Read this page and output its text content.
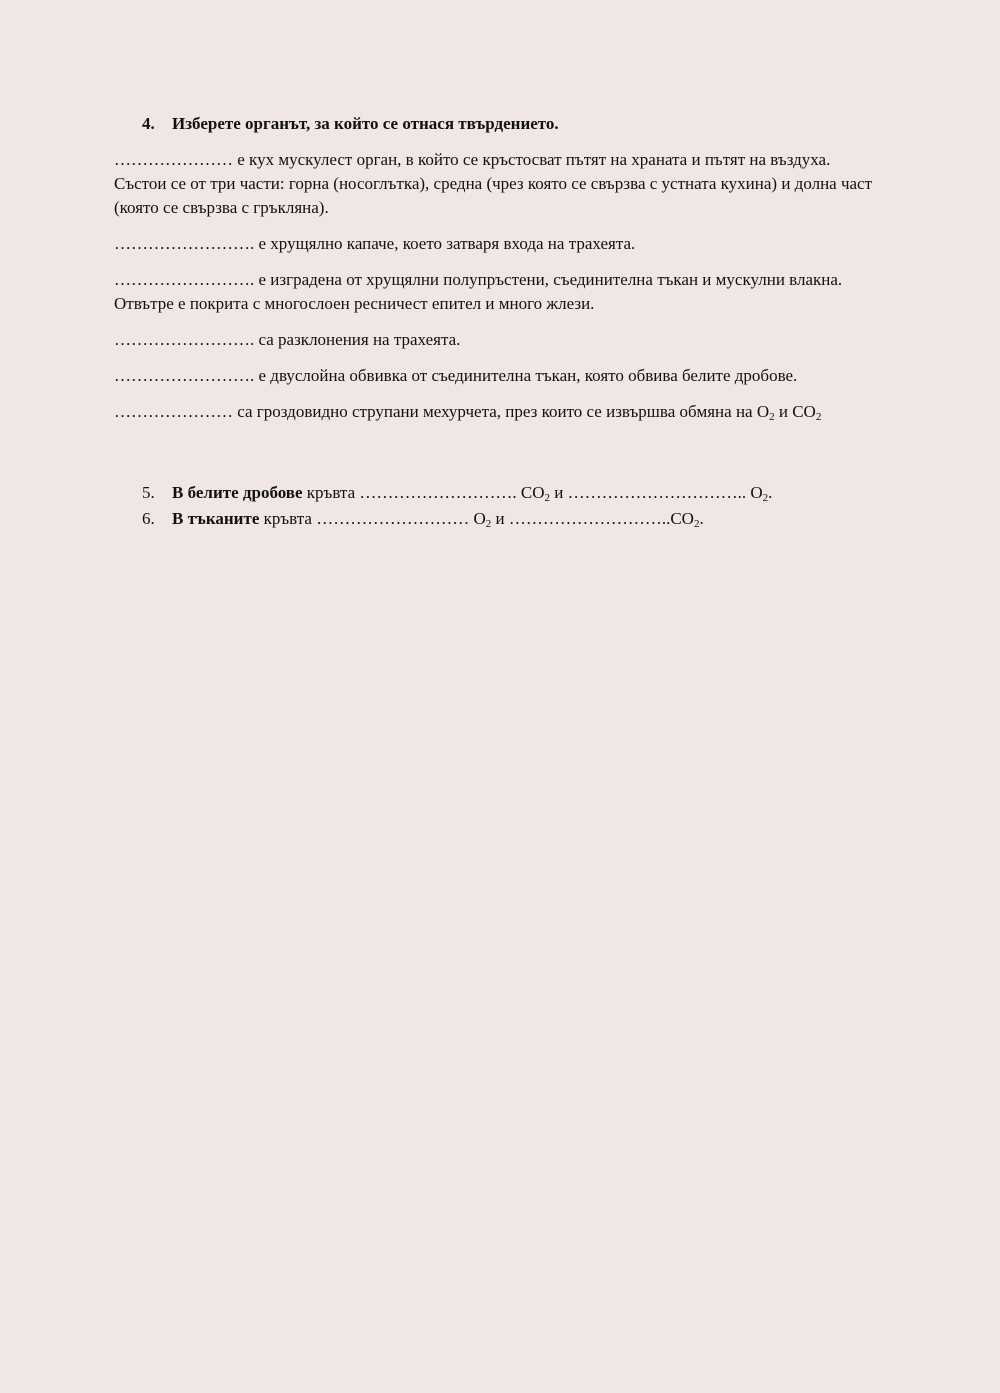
4. Изберете органът, за който се отнася твърдението.

………………… е кух мускулест орган, в който се кръстосват пътят на храната и пътят на въздуха. Състои се от три части: горна (носоглътка), средна (чрез която се свързва с устната кухина) и долна част (която се свързва с гръкляна).

……………………. е хрущялно капаче, което затваря входа на трахеята.

……………………. е изградена от хрущялни полупръстени, съединителна тъкан и мускулни влакна. Отвътре е покрита с многослоен ресничест епител и много жлези.

……………………. са разклонения на трахеята.

……………………. е двуслойна обвивка от съединителна тъкан, която обвива белите дробове.

………………… са гроздовидно струпани мехурчета, през които се извършва обмяна на $O_2$ и $CO_2$

5. В белите дробове кръвта ………………………. $CO_2$ и ………………………….. $O_2$.

6. В тъканите кръвта ……………………… $O_2$ и $\dots\dots\dots\dots\dots\dots\dots\dots\dots..CO_2$.
